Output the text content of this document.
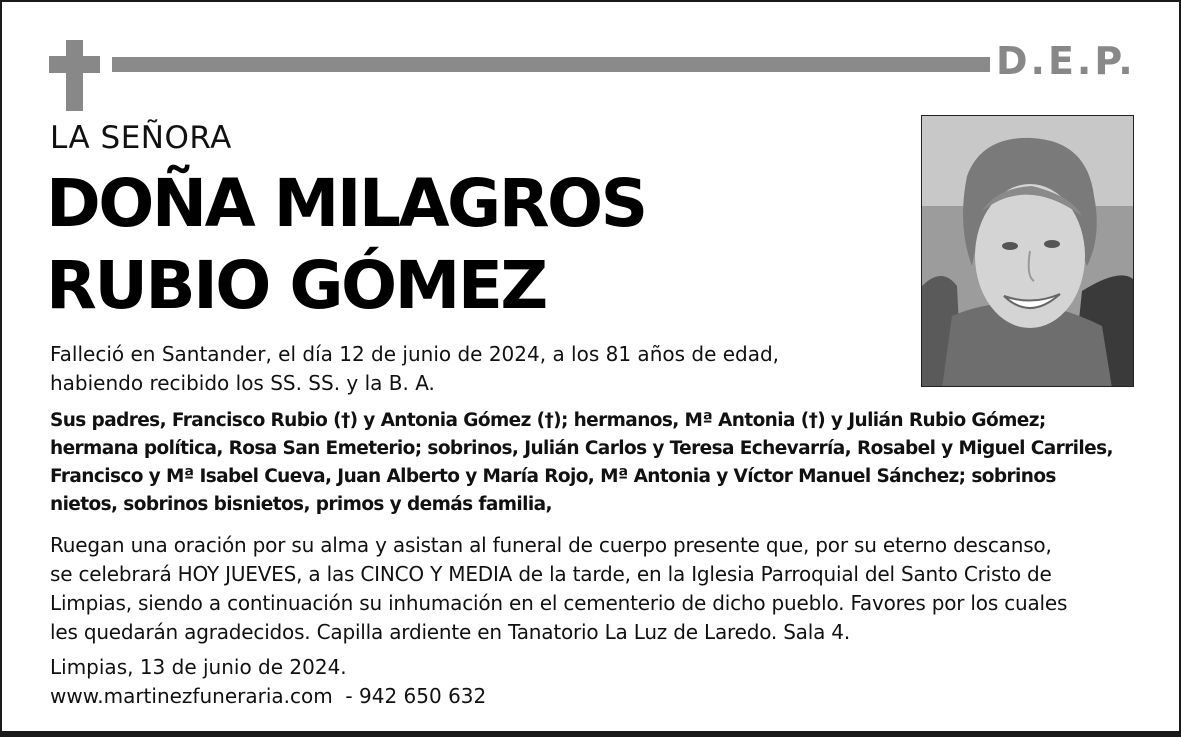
D.E.P.
LA SEÑORA
DOÑA MILAGROS
RUBIO GÓMEZ
Falleció en Santander, el día 12 de junio de 2024, a los 81 años de edad,
habiendo recibido los SS. SS. y la B. A.
Sus padres, Francisco Rubio (†) y Antonia Gómez (†); hermanos, Mª Antonia (†) y Julián Rubio Gómez;
hermana política, Rosa San Emeterio; sobrinos, Julián Carlos y Teresa Echevarría, Rosabel y Miguel Carriles,
Francisco y Mª Isabel Cueva, Juan Alberto y María Rojo, Mª Antonia y Víctor Manuel Sánchez; sobrinos
nietos, sobrinos bisnietos, primos y demás familia,
Ruegan una oración por su alma y asistan al funeral de cuerpo presente que, por su eterno descanso,
se celebrará HOY JUEVES, a las CINCO Y MEDIA de la tarde, en la Iglesia Parroquial del Santo Cristo de
Limpias, siendo a continuación su inhumación en el cementerio de dicho pueblo. Favores por los cuales
les quedarán agradecidos. Capilla ardiente en Tanatorio La Luz de Laredo. Sala 4.
Limpias, 13 de junio de 2024.
www.martinezfuneraria.com  - 942 650 632
